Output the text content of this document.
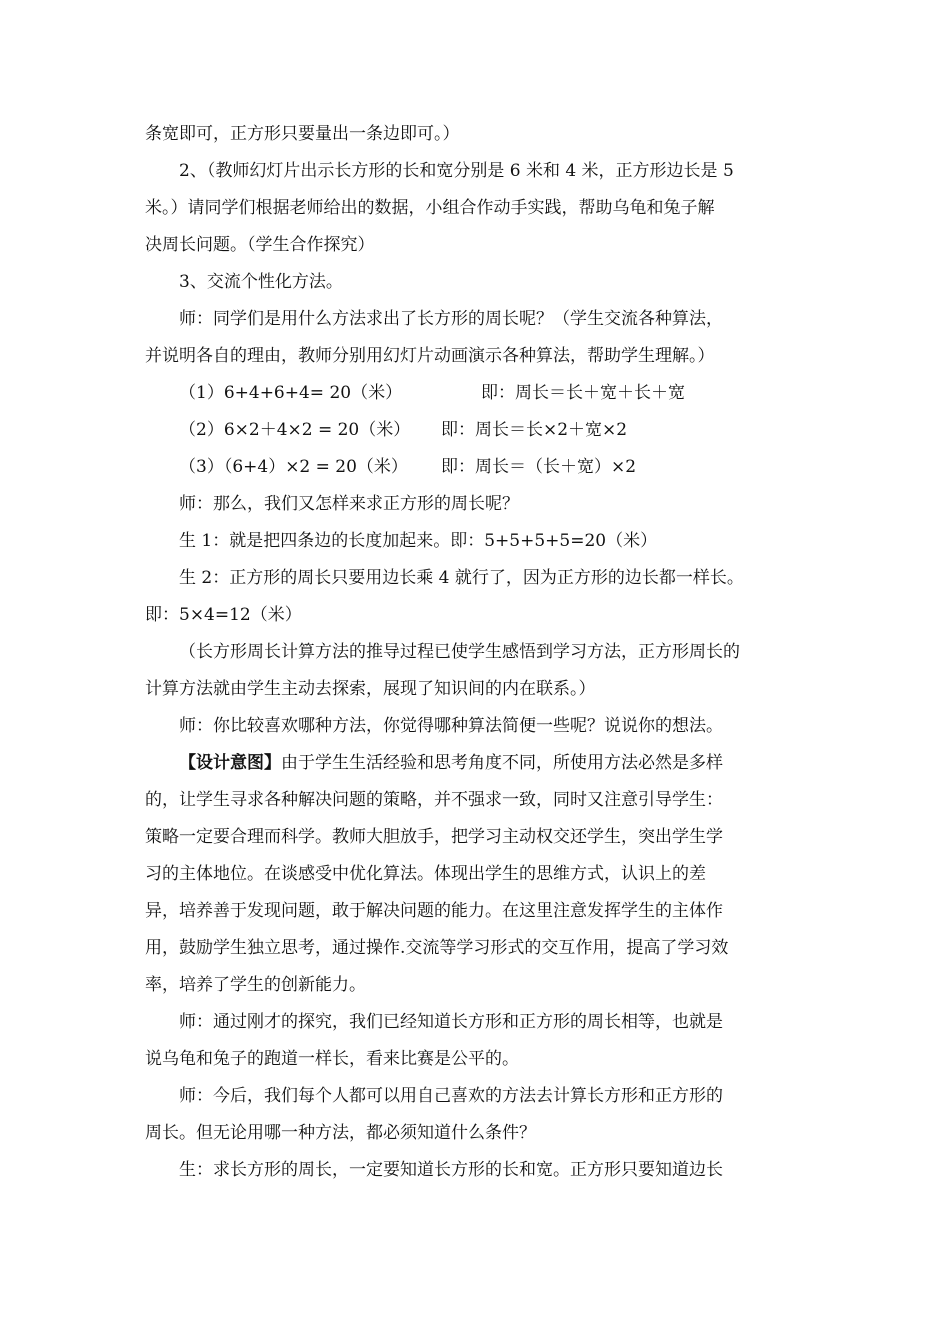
条宽即可，正方形只要量出一条边即可。）
2、（教师幻灯片出示长方形的长和宽分别是 6 米和 4 米，正方形边长是 5
米。）请同学们根据老师给出的数据，小组合作动手实践，帮助乌龟和兔子解
决周长问题。（学生合作探究）
3、交流个性化方法。
师：同学们是用什么方法求出了长方形的周长呢？（学生交流各种算法，
并说明各自的理由，教师分别用幻灯片动画演示各种算法，帮助学生理解。）
（1）6+4+6+4= 20（米）	即：周长＝长＋宽＋长＋宽
（2）6×2＋4×2 = 20（米）	即：周长＝长×2＋宽×2
（3）（6+4）×2 = 20（米）	即：周长＝（长＋宽）×2
师：那么，我们又怎样来求正方形的周长呢？
生 1：就是把四条边的长度加起来。即：5+5+5+5=20（米）
生 2：正方形的周长只要用边长乘 4 就行了，因为正方形的边长都一样长。
即：5×4=12（米）
（长方形周长计算方法的推导过程已使学生感悟到学习方法，正方形周长的
计算方法就由学生主动去探索，展现了知识间的内在联系。）
师：你比较喜欢哪种方法，你觉得哪种算法简便一些呢？说说你的想法。
【设计意图】由于学生生活经验和思考角度不同，所使用方法必然是多样
的，让学生寻求各种解决问题的策略，并不强求一致，同时又注意引导学生：
策略一定要合理而科学。教师大胆放手，把学习主动权交还学生，突出学生学
习的主体地位。在谈感受中优化算法。体现出学生的思维方式，认识上的差
异，培养善于发现问题，敢于解决问题的能力。在这里注意发挥学生的主体作
用，鼓励学生独立思考，通过操作.交流等学习形式的交互作用，提高了学习效
率，培养了学生的创新能力。
师：通过刚才的探究，我们已经知道长方形和正方形的周长相等，也就是
说乌龟和兔子的跑道一样长，看来比赛是公平的。
师：今后，我们每个人都可以用自己喜欢的方法去计算长方形和正方形的
周长。但无论用哪一种方法，都必须知道什么条件？
生：求长方形的周长，一定要知道长方形的长和宽。正方形只要知道边长
